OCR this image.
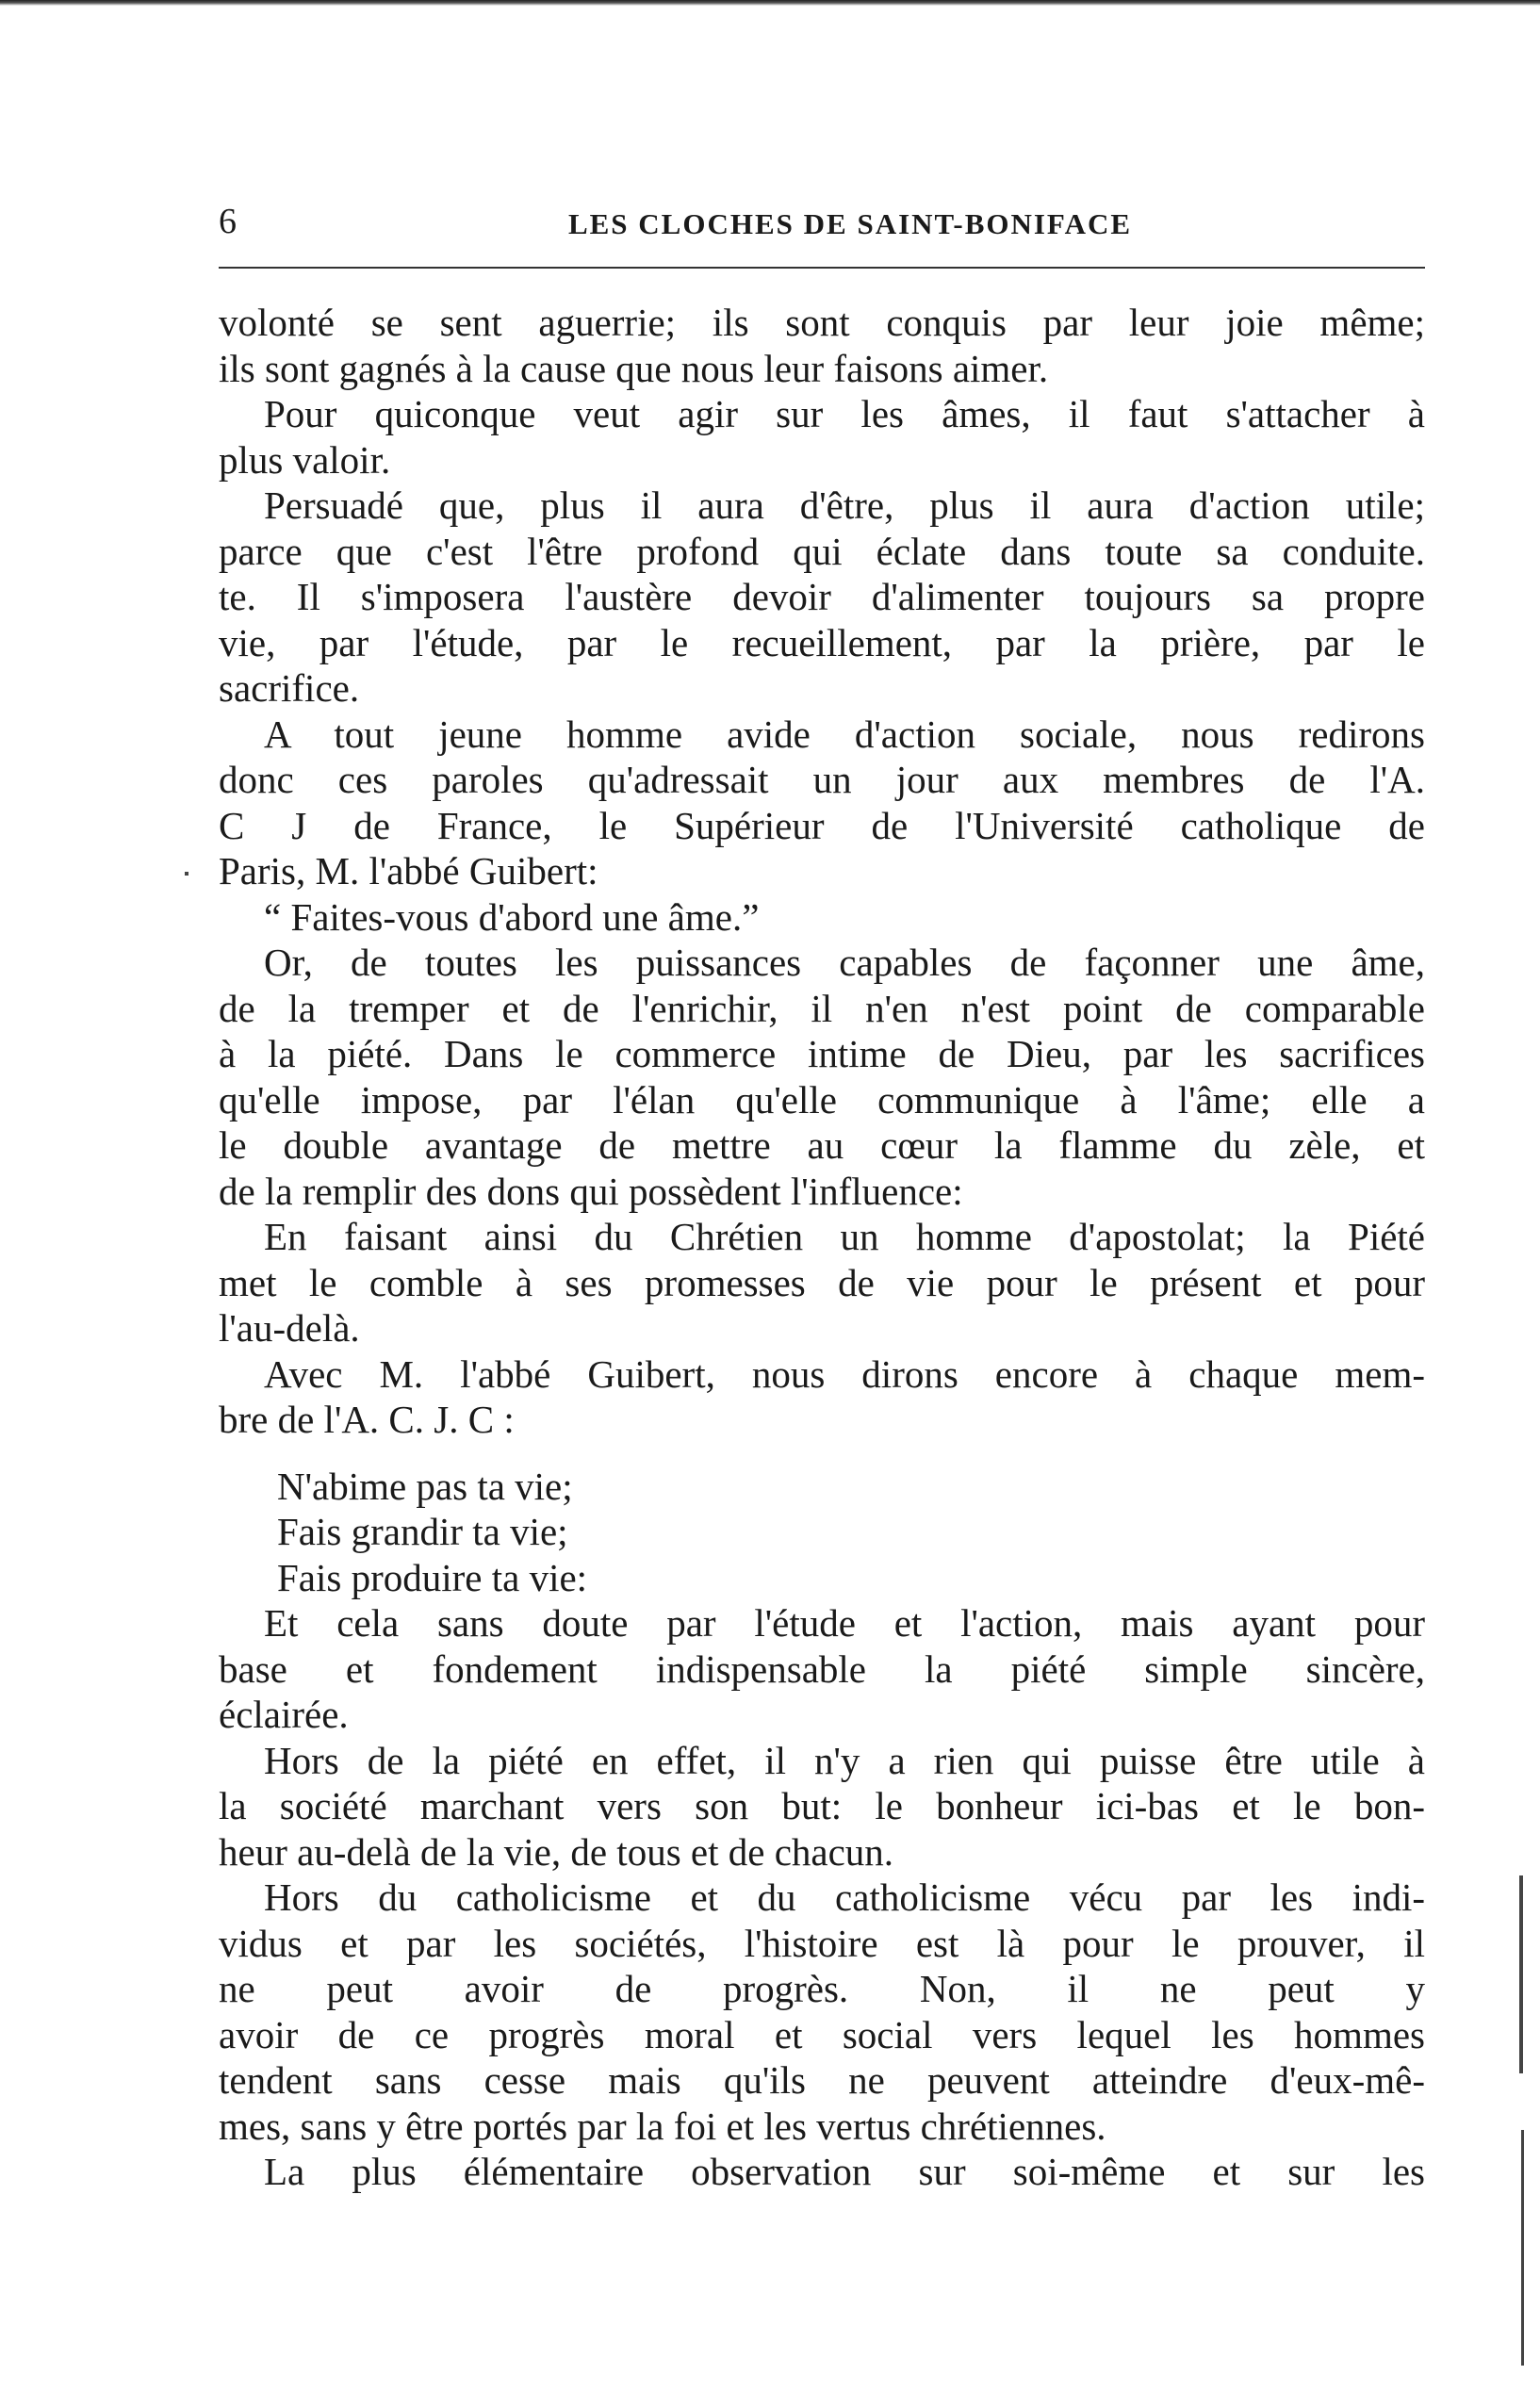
6	LES CLOCHES DE SAINT-BONIFACE
volonté se sent aguerrie; ils sont conquis par leur joie même;
ils sont gagnés à la cause que nous leur faisons aimer.
Pour quiconque veut agir sur les âmes, il faut s'attacher à
plus valoir.
Persuadé que, plus il aura d'être, plus il aura d'action utile;
parce que c'est l'être profond qui éclate dans toute sa conduite.
te. Il s'imposera l'austère devoir d'alimenter toujours sa propre
vie, par l'étude, par le recueillement, par la prière, par le
sacrifice.
A tout jeune homme avide d'action sociale, nous redirons
donc ces paroles qu'adressait un jour aux membres de l'A.
C J de France, le Supérieur de l'Université catholique de
Paris, M. l'abbé Guibert:
“ Faites-vous d'abord une âme.”
Or, de toutes les puissances capables de façonner une âme,
de la tremper et de l'enrichir, il n'en n'est point de comparable
à la piété. Dans le commerce intime de Dieu, par les sacrifices
qu'elle impose, par l'élan qu'elle communique à l'âme; elle a
le double avantage de mettre au cœur la flamme du zèle, et
de la remplir des dons qui possèdent l'influence:
En faisant ainsi du Chrétien un homme d'apostolat; la Piété
met le comble à ses promesses de vie pour le présent et pour
l'au-delà.
Avec M. l'abbé Guibert, nous dirons encore à chaque mem-
bre de l'A. C. J. C :
N'abime pas ta vie;
Fais grandir ta vie;
Fais produire ta vie:
Et cela sans doute par l'étude et l'action, mais ayant pour
base et fondement indispensable la piété simple sincère,
éclairée.
Hors de la piété en effet, il n'y a rien qui puisse être utile à
la société marchant vers son but: le bonheur ici-bas et le bon-
heur au-delà de la vie, de tous et de chacun.
Hors du catholicisme et du catholicisme vécu par les indi-
vidus et par les sociétés, l'histoire est là pour le prouver, il
ne peut avoir de progrès. Non, il ne peut y
avoir de ce progrès moral et social vers lequel les hommes
tendent sans cesse mais qu'ils ne peuvent atteindre d'eux-mê-
mes, sans y être portés par la foi et les vertus chrétiennes.
La plus élémentaire observation sur soi-même et sur les
